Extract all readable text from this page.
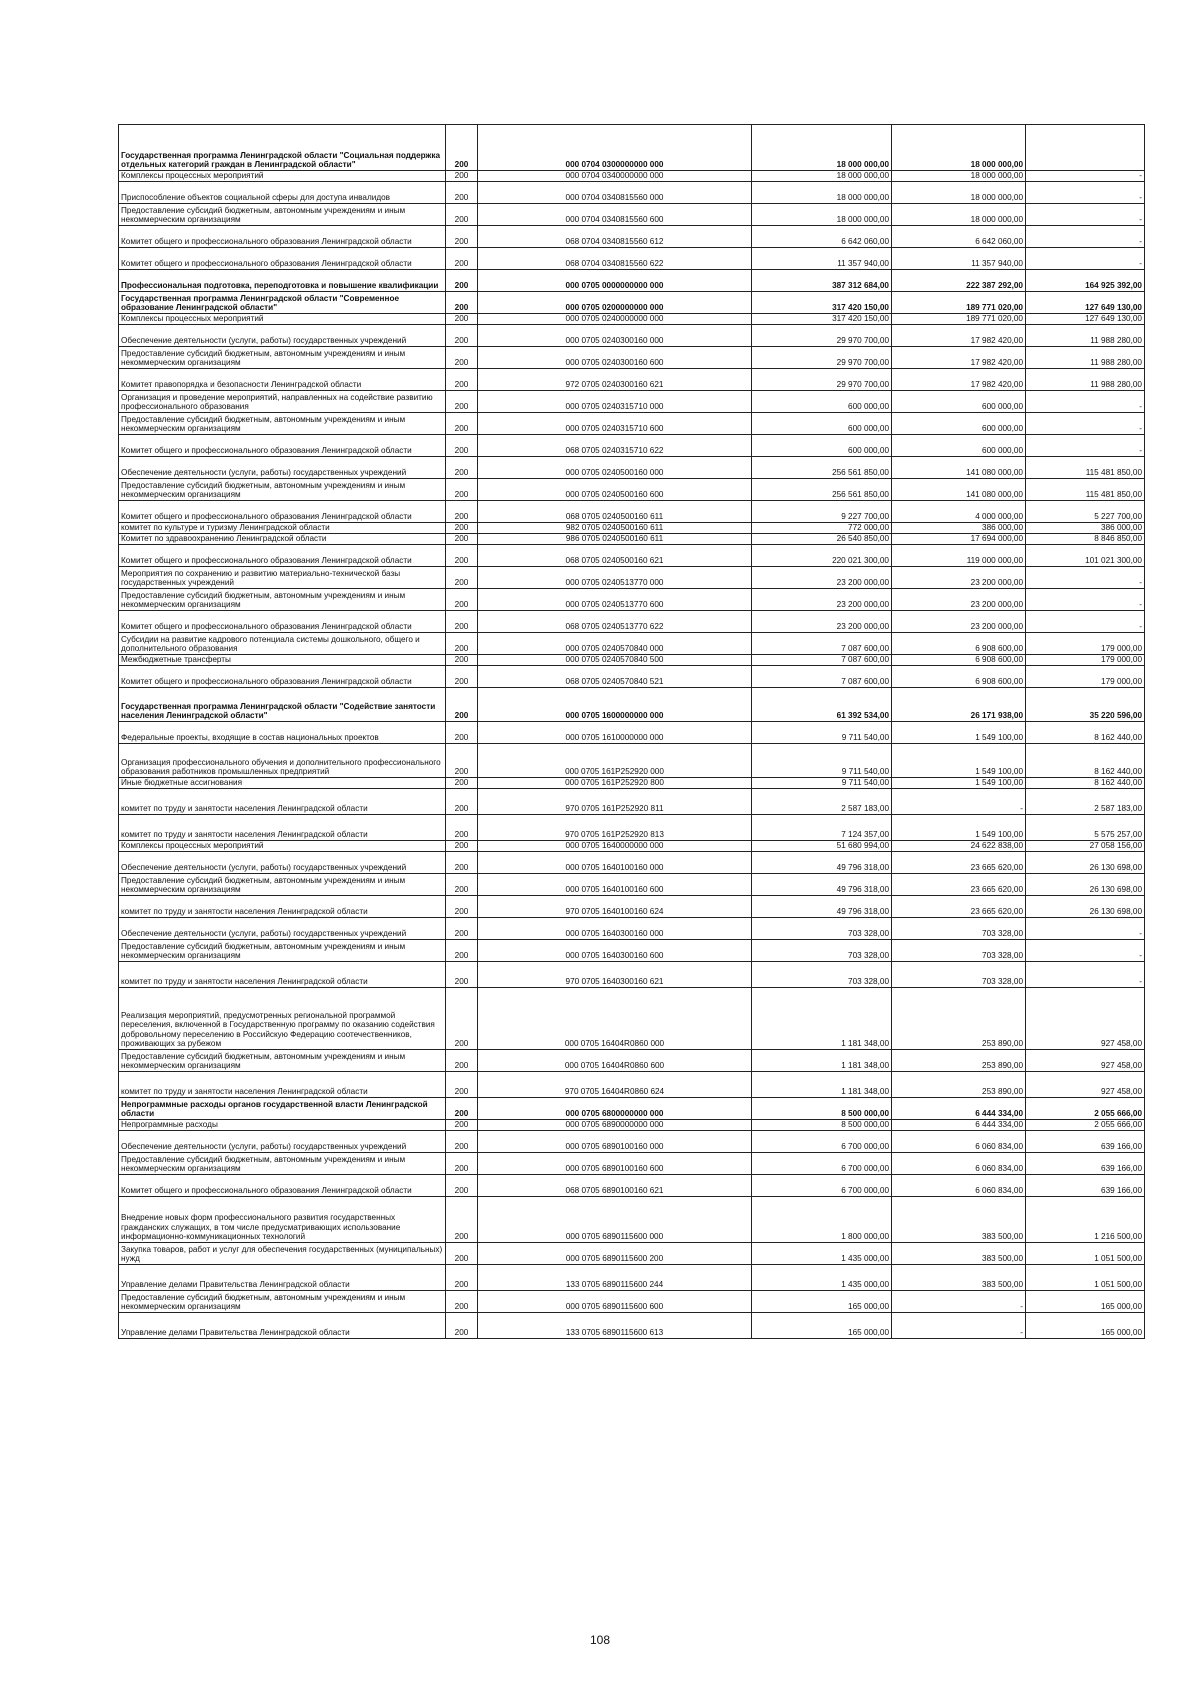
Государственная программа Ленинградской области "Социальная поддержка отдельных категорий граждан в Ленинградской области"	200	000 0704 0300000000 000	18 000 000,00	18 000 000,00	
Комплексы процессных мероприятий	200	000 0704 0340000000 000	18 000 000,00	18 000 000,00	-
Приспособление объектов социальной сферы для доступа инвалидов	200	000 0704 0340815560 000	18 000 000,00	18 000 000,00	-
Предоставление субсидий бюджетным, автономным учреждениям и иным некоммерческим организациям	200	000 0704 0340815560 600	18 000 000,00	18 000 000,00	-
Комитет общего и профессионального образования Ленинградской области	200	068 0704 0340815560 612	6 642 060,00	6 642 060,00	-
Комитет общего и профессионального образования Ленинградской области	200	068 0704 0340815560 622	11 357 940,00	11 357 940,00	-
Профессиональная подготовка, переподготовка и повышение квалификации	200	000 0705 0000000000 000	387 312 684,00	222 387 292,00	164 925 392,00
Государственная программа Ленинградской области "Современное образование Ленинградской области"	200	000 0705 0200000000 000	317 420 150,00	189 771 020,00	127 649 130,00
Комплексы процессных мероприятий	200	000 0705 0240000000 000	317 420 150,00	189 771 020,00	127 649 130,00
Обеспечение деятельности (услуги, работы) государственных учреждений	200	000 0705 0240300160 000	29 970 700,00	17 982 420,00	11 988 280,00
Предоставление субсидий бюджетным, автономным учреждениям и иным некоммерческим организациям	200	000 0705 0240300160 600	29 970 700,00	17 982 420,00	11 988 280,00
Комитет правопорядка и безопасности Ленинградской области	200	972 0705 0240300160 621	29 970 700,00	17 982 420,00	11 988 280,00
Организация и проведение мероприятий, направленных на содействие развитию профессионального образования	200	000 0705 0240315710 000	600 000,00	600 000,00	-
Предоставление субсидий бюджетным, автономным учреждениям и иным некоммерческим организациям	200	000 0705 0240315710 600	600 000,00	600 000,00	-
Комитет общего и профессионального образования Ленинградской области	200	068 0705 0240315710 622	600 000,00	600 000,00	-
Обеспечение деятельности (услуги, работы) государственных учреждений	200	000 0705 0240500160 000	256 561 850,00	141 080 000,00	115 481 850,00
Предоставление субсидий бюджетным, автономным учреждениям и иным некоммерческим организациям	200	000 0705 0240500160 600	256 561 850,00	141 080 000,00	115 481 850,00
Комитет общего и профессионального образования Ленинградской области	200	068 0705 0240500160 611	9 227 700,00	4 000 000,00	5 227 700,00
комитет по культуре и туризму Ленинградской области	200	982 0705 0240500160 611	772 000,00	386 000,00	386 000,00
Комитет по здравоохранению Ленинградской области	200	986 0705 0240500160 611	26 540 850,00	17 694 000,00	8 846 850,00
Комитет общего и профессионального образования Ленинградской области	200	068 0705 0240500160 621	220 021 300,00	119 000 000,00	101 021 300,00
Мероприятия по сохранению и развитию материально-технической базы государственных учреждений	200	000 0705 0240513770 000	23 200 000,00	23 200 000,00	-
Предоставление субсидий бюджетным, автономным учреждениям и иным некоммерческим организациям	200	000 0705 0240513770 600	23 200 000,00	23 200 000,00	-
Комитет общего и профессионального образования Ленинградской области	200	068 0705 0240513770 622	23 200 000,00	23 200 000,00	-
Субсидии на развитие кадрового потенциала системы дошкольного, общего и дополнительного образования	200	000 0705 0240570840 000	7 087 600,00	6 908 600,00	179 000,00
Межбюджетные трансферты	200	000 0705 0240570840 500	7 087 600,00	6 908 600,00	179 000,00
Комитет общего и профессионального образования Ленинградской области	200	068 0705 0240570840 521	7 087 600,00	6 908 600,00	179 000,00
Государственная программа Ленинградской области "Содействие занятости населения Ленинградской области"	200	000 0705 1600000000 000	61 392 534,00	26 171 938,00	35 220 596,00
Федеральные проекты, входящие в состав национальных проектов	200	000 0705 1610000000 000	9 711 540,00	1 549 100,00	8 162 440,00
Организация профессионального обучения и дополнительного профессионального образования работников промышленных предприятий	200	000 0705 161P252920 000	9 711 540,00	1 549 100,00	8 162 440,00
Иные бюджетные ассигнования	200	000 0705 161P252920 800	9 711 540,00	1 549 100,00	8 162 440,00
комитет по труду и занятости населения Ленинградской области	200	970 0705 161P252920 811	2 587 183,00	-	2 587 183,00
комитет по труду и занятости населения Ленинградской области	200	970 0705 161P252920 813	7 124 357,00	1 549 100,00	5 575 257,00
Комплексы процессных мероприятий	200	000 0705 1640000000 000	51 680 994,00	24 622 838,00	27 058 156,00
Обеспечение деятельности (услуги, работы) государственных учреждений	200	000 0705 1640100160 000	49 796 318,00	23 665 620,00	26 130 698,00
Предоставление субсидий бюджетным, автономным учреждениям и иным некоммерческим организациям	200	000 0705 1640100160 600	49 796 318,00	23 665 620,00	26 130 698,00
комитет по труду и занятости населения Ленинградской области	200	970 0705 1640100160 624	49 796 318,00	23 665 620,00	26 130 698,00
Обеспечение деятельности (услуги, работы) государственных учреждений	200	000 0705 1640300160 000	703 328,00	703 328,00	-
Предоставление субсидий бюджетным, автономным учреждениям и иным некоммерческим организациям	200	000 0705 1640300160 600	703 328,00	703 328,00	-
комитет по труду и занятости населения Ленинградской области	200	970 0705 1640300160 621	703 328,00	703 328,00	-
Реализация мероприятий, предусмотренных региональной программой переселения, включенной в Государственную программу по оказанию содействия добровольному переселению в Российскую Федерацию соотечественников, проживающих за рубежом	200	000 0705 16404R0860 000	1 181 348,00	253 890,00	927 458,00
Предоставление субсидий бюджетным, автономным учреждениям и иным некоммерческим организациям	200	000 0705 16404R0860 600	1 181 348,00	253 890,00	927 458,00
комитет по труду и занятости населения Ленинградской области	200	970 0705 16404R0860 624	1 181 348,00	253 890,00	927 458,00
Непрограммные расходы органов государственной власти Ленинградской области	200	000 0705 6800000000 000	8 500 000,00	6 444 334,00	2 055 666,00
Непрограммные расходы	200	000 0705 6890000000 000	8 500 000,00	6 444 334,00	2 055 666,00
Обеспечение деятельности (услуги, работы) государственных учреждений	200	000 0705 6890100160 000	6 700 000,00	6 060 834,00	639 166,00
Предоставление субсидий бюджетным, автономным учреждениям и иным некоммерческим организациям	200	000 0705 6890100160 600	6 700 000,00	6 060 834,00	639 166,00
Комитет общего и профессионального образования Ленинградской области	200	068 0705 6890100160 621	6 700 000,00	6 060 834,00	639 166,00
Внедрение новых форм профессионального развития государственных гражданских служащих, в том числе предусматривающих использование информационно-коммуникационных технологий	200	000 0705 6890115600 000	1 800 000,00	383 500,00	1 216 500,00
Закупка товаров, работ и услуг для обеспечения государственных (муниципальных) нужд	200	000 0705 6890115600 200	1 435 000,00	383 500,00	1 051 500,00
Управление делами Правительства Ленинградской области	200	133 0705 6890115600 244	1 435 000,00	383 500,00	1 051 500,00
Предоставление субсидий бюджетным, автономным учреждениям и иным некоммерческим организациям	200	000 0705 6890115600 600	165 000,00	-	165 000,00
Управление делами Правительства Ленинградской области	200	133 0705 6890115600 613	165 000,00	-	165 000,00
108
